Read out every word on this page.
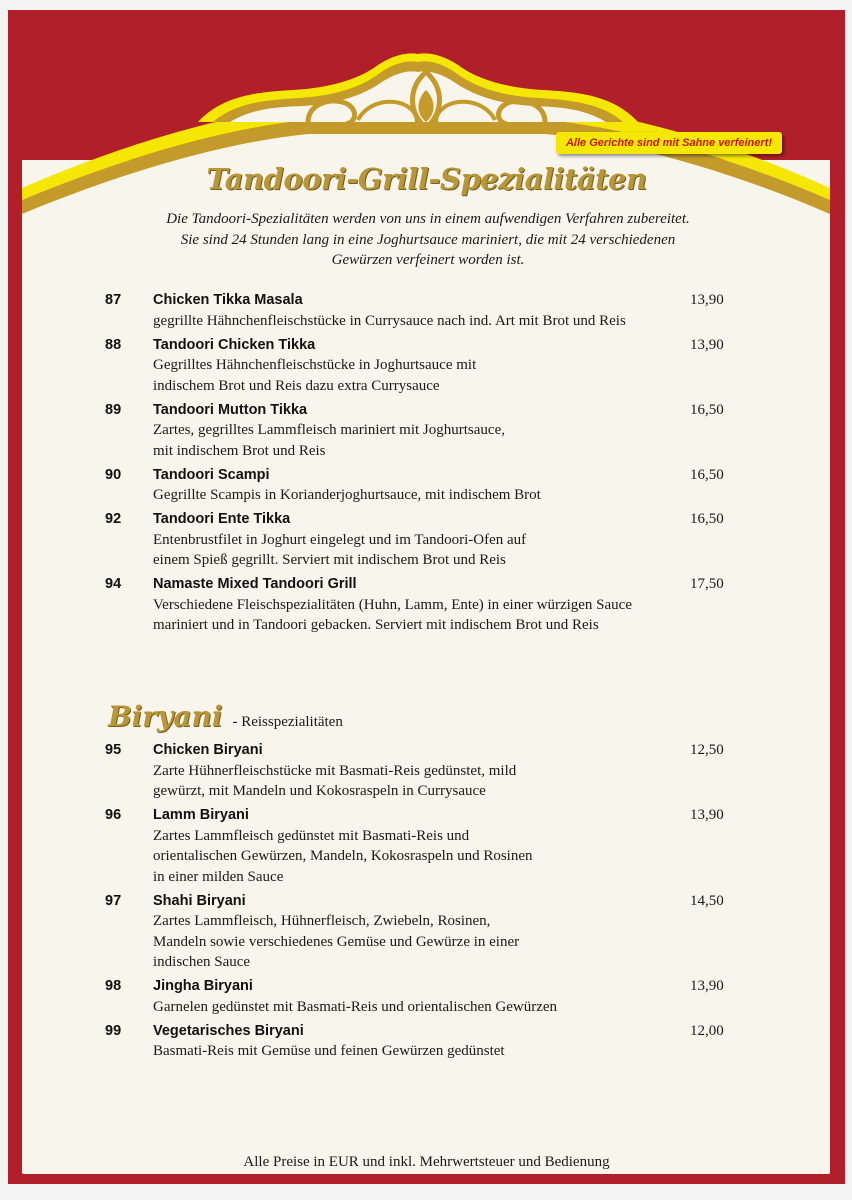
Alle Gerichte sind mit Sahne verfeinert!
Tandoori-Grill-Spezialitäten
Die Tandoori-Spezialitäten werden von uns in einem aufwendigen Verfahren zubereitet.
Sie sind 24 Stunden lang in eine Joghurtsauce mariniert, die mit 24 verschiedenen
Gewürzen verfeinert worden ist.
87	Chicken Tikka Masala
gegrillte Hähnchenfleischstücke in Currysauce nach ind. Art mit Brot und Reis
13,90
88	Tandoori Chicken Tikka
Gegrilltes Hähnchenfleischstücke in Joghurtsauce mit
indischem Brot und Reis dazu extra Currysauce
13,90
89	Tandoori Mutton Tikka
Zartes, gegrilltes Lammfleisch mariniert mit Joghurtsauce,
mit indischem Brot und Reis
16,50
90	Tandoori Scampi
Gegrillte Scampis in Korianderjoghurtsauce, mit indischem Brot
16,50
92	Tandoori Ente Tikka
Entenbrustfilet in Joghurt eingelegt und im Tandoori-Ofen auf
einem Spieß gegrillt. Serviert mit indischem Brot und Reis
16,50
94	Namaste Mixed Tandoori Grill
Verschiedene Fleischspezialitäten (Huhn, Lamm, Ente) in einer würzigen Sauce
mariniert und in Tandoori gebacken. Serviert mit indischem Brot und Reis
17,50
Biryani - Reisspezialitäten
95	Chicken Biryani
Zarte Hühnerfleischstücke mit Basmati-Reis gedünstet, mild
gewürzt, mit Mandeln und Kokosraspeln in Currysauce
12,50
96	Lamm Biryani
Zartes Lammfleisch gedünstet mit Basmati-Reis und
orientalischen Gewürzen, Mandeln, Kokosraspeln und Rosinen
in einer milden Sauce
13,90
97	Shahi Biryani
Zartes Lammfleisch, Hühnerfleisch, Zwiebeln, Rosinen,
Mandeln sowie verschiedenes Gemüse und Gewürze in einer
indischen Sauce
14,50
98	Jingha Biryani
Garnelen gedünstet mit Basmati-Reis und orientalischen Gewürzen
13,90
99	Vegetarisches Biryani
Basmati-Reis mit Gemüse und feinen Gewürzen gedünstet
12,00
Alle Preise in EUR und inkl. Mehrwertsteuer und Bedienung
